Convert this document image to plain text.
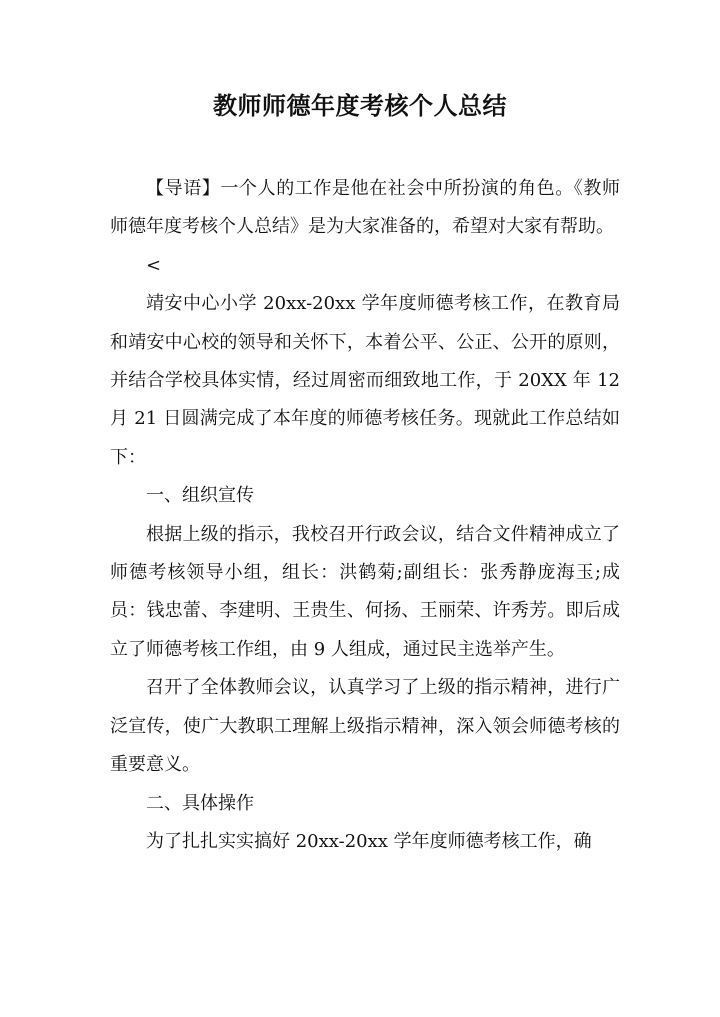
教师师德年度考核个人总结

【导语】一个人的工作是他在社会中所扮演的角色。《教师师德年度考核个人总结》是为大家准备的，希望对大家有帮助。

<

靖安中心小学 20xx-20xx 学年度师德考核工作，在教育局和靖安中心校的领导和关怀下，本着公平、公正、公开的原则，并结合学校具体实情，经过周密而细致地工作，于 20XX 年 12 月 21 日圆满完成了本年度的师德考核任务。现就此工作总结如下：

一、组织宣传

根据上级的指示，我校召开行政会议，结合文件精神成立了师德考核领导小组，组长：洪鹤菊;副组长：张秀静庞海玉;成员：钱忠蕾、李建明、王贵生、何扬、王丽荣、许秀芳。即后成立了师德考核工作组，由 9 人组成，通过民主选举产生。

召开了全体教师会议，认真学习了上级的指示精神，进行广泛宣传，使广大教职工理解上级指示精神，深入领会师德考核的重要意义。

二、具体操作

为了扎扎实实搞好 20xx-20xx 学年度师德考核工作，确
